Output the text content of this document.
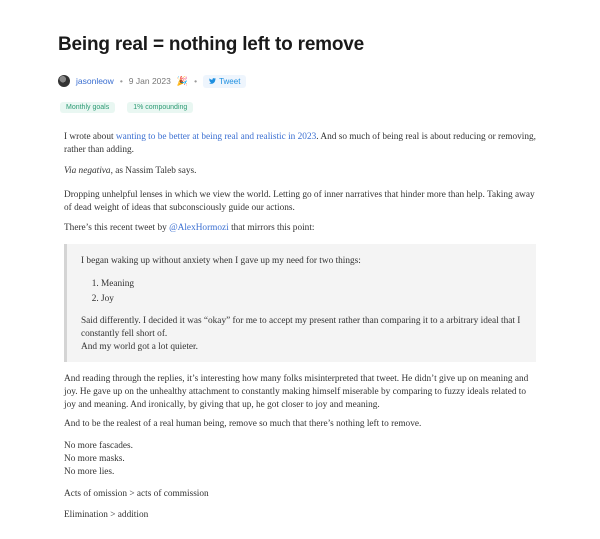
Being real = nothing left to remove
jasonleow • 9 Jan 2023 🎉 •	Tweet
Monthly goals	1% compounding

I wrote about wanting to be better at being real and realistic in 2023. And so much of being real is about reducing or removing, rather than adding.

Via negativa, as Nassim Taleb says.

Dropping unhelpful lenses in which we view the world. Letting go of inner narratives that hinder more than help. Taking away of dead weight of ideas that subconsciously guide our actions.

There’s this recent tweet by @AlexHormozi that mirrors this point:

I began waking up without anxiety when I gave up my need for two things:

1. Meaning
2. Joy

Said differently. I decided it was “okay” for me to accept my present rather than comparing it to a arbitrary ideal that I constantly fell short of.
And my world got a lot quieter.

And reading through the replies, it’s interesting how many folks misinterpreted that tweet. He didn’t give up on meaning and joy. He gave up on the unhealthy attachment to constantly making himself miserable by comparing to fuzzy ideals related to joy and meaning. And ironically, by giving that up, he got closer to joy and meaning.

And to be the realest of a real human being, remove so much that there’s nothing left to remove.

No more fascades.
No more masks.
No more lies.

Acts of omission > acts of commission

Elimination > addition
